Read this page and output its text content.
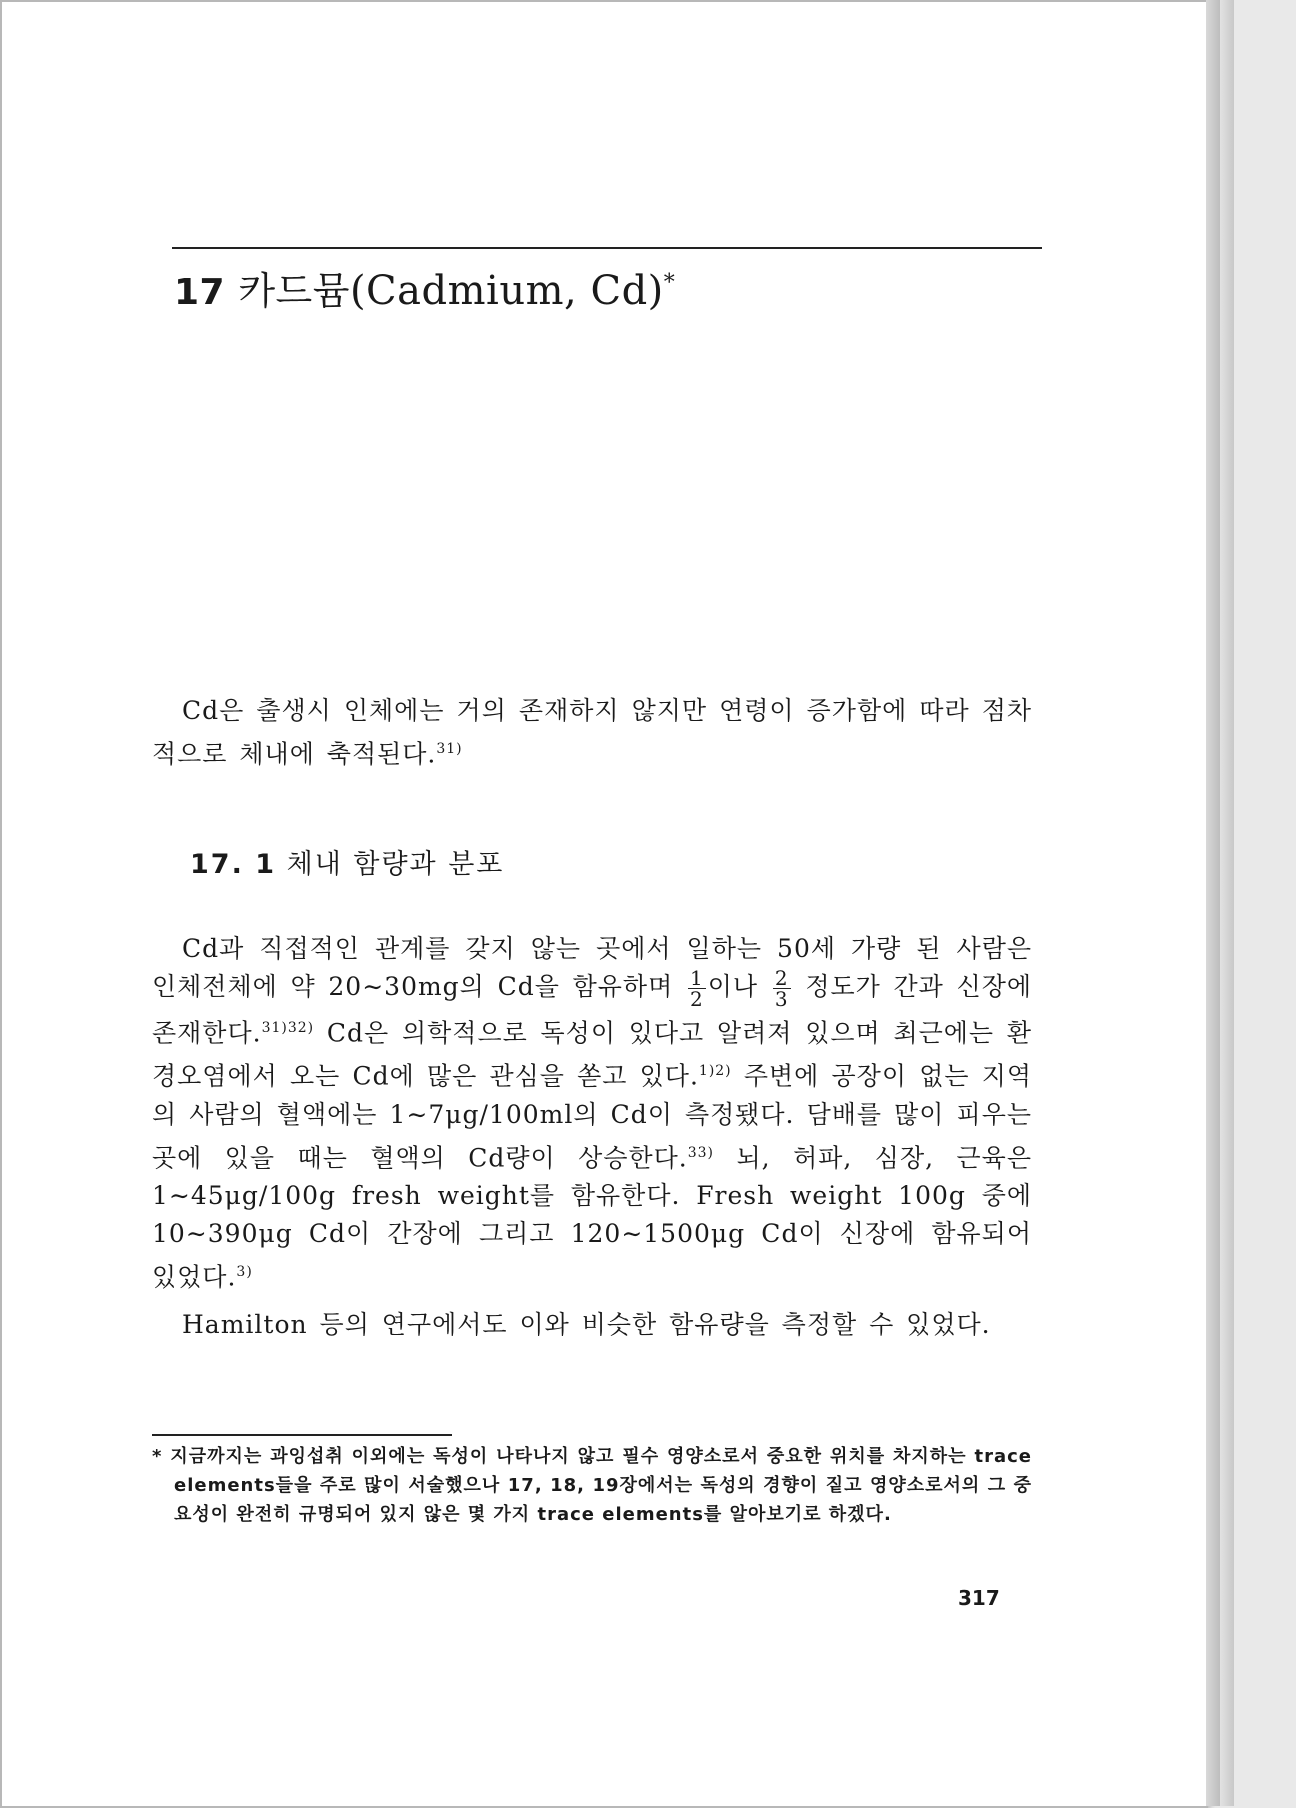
17 카드뮴(Cadmium, Cd)*

Cd은 출생시 인체에는 거의 존재하지 않지만 연령이 증가함에 따라 점차적으로 체내에 축적된다.$^{31)}$

17. 1 체내 함량과 분포

Cd과 직접적인 관계를 갖지 않는 곳에서 일하는 50세 가량 된 사람은 인체전체에 약 20∼30mg의 Cd을 함유하며 $\frac{1}{2}$ 이나 $\frac{2}{3}$ 정도가 간과 신장에 존재한다.$^{31)32)}$ Cd은 의학적으로 독성이 있다고 알려져 있으며 최근에는 환경오염에서 오는 Cd에 많은 관심을 쏟고 있다.$^{1)2)}$ 주변에 공장이 없는 지역의 사람의 혈액에는 1∼7μg/100ml의 Cd이 측정됐다. 담배를 많이 피우는 곳에 있을 때는 혈액의 Cd량이 상승한다.$^{33)}$ 뇌, 허파, 심장, 근육은 1∼45μg/100g fresh weight를 함유한다. Fresh weight 100g 중에 10∼390μg Cd이 간장에 그리고 120∼1500μg Cd이 신장에 함유되어 있었다.$^{3)}$

Hamilton 등의 연구에서도 이와 비슷한 함유량을 측정할 수 있었다.

* 지금까지는 과잉섭취 이외에는 독성이 나타나지 않고 필수 영양소로서 중요한 위치를 차지하는 trace elements들을 주로 많이 서술했으나 17, 18, 19장에서는 독성의 경향이 짙고 영양소로서의 그 중요성이 완전히 규명되어 있지 않은 몇 가지 trace elements를 알아보기로 하겠다.

317
